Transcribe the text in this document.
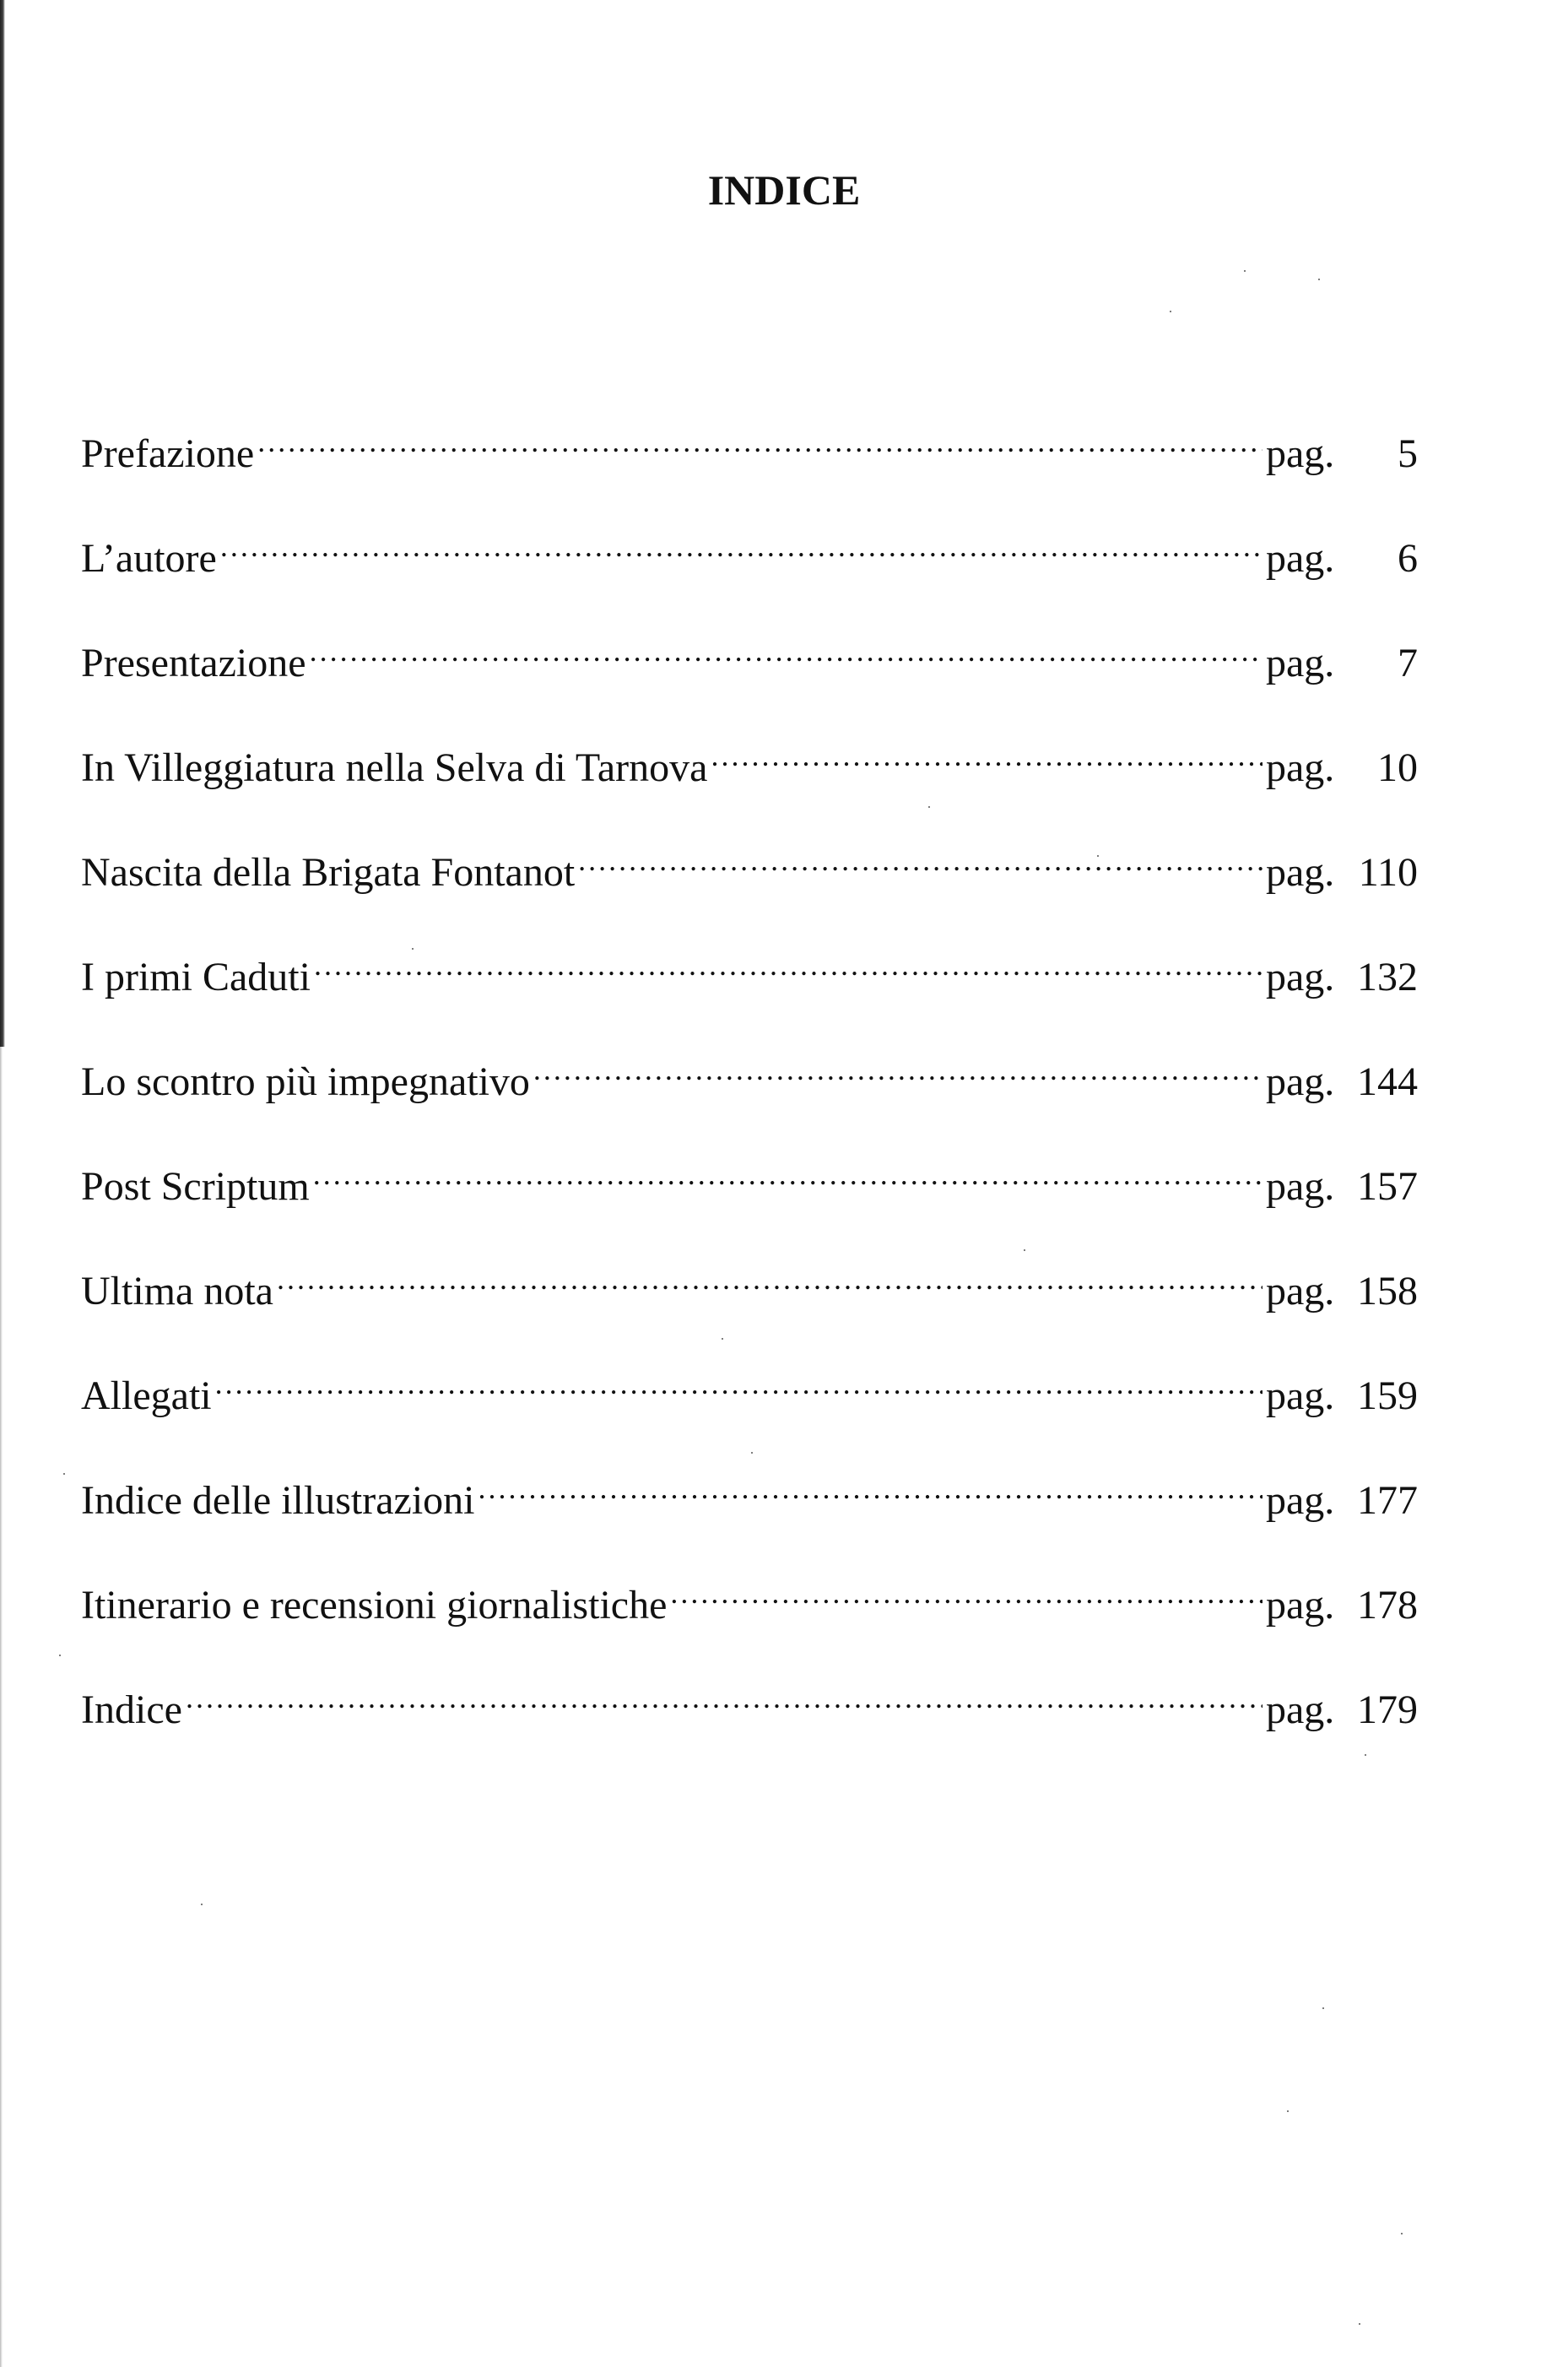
INDICE
Prefazione . . .	pag.	5
L’autore . . .	pag.	6
Presentazione . . .	pag.	7
In Villeggiatura nella Selva di Tarnova . . .	pag.	10
Nascita della Brigata Fontanot . . .	pag. 110
I primi Caduti . . .	pag. 132
Lo scontro più impegnativo . . .	pag. 144
Post Scriptum . . .	pag. 157
Ultima nota . . .	pag. 158
Allegati . . .	pag. 159
Indice delle illustrazioni . . .	pag. 177
Itinerario e recensioni giornalistiche . . .	pag. 178
Indice . . .	pag. 179
